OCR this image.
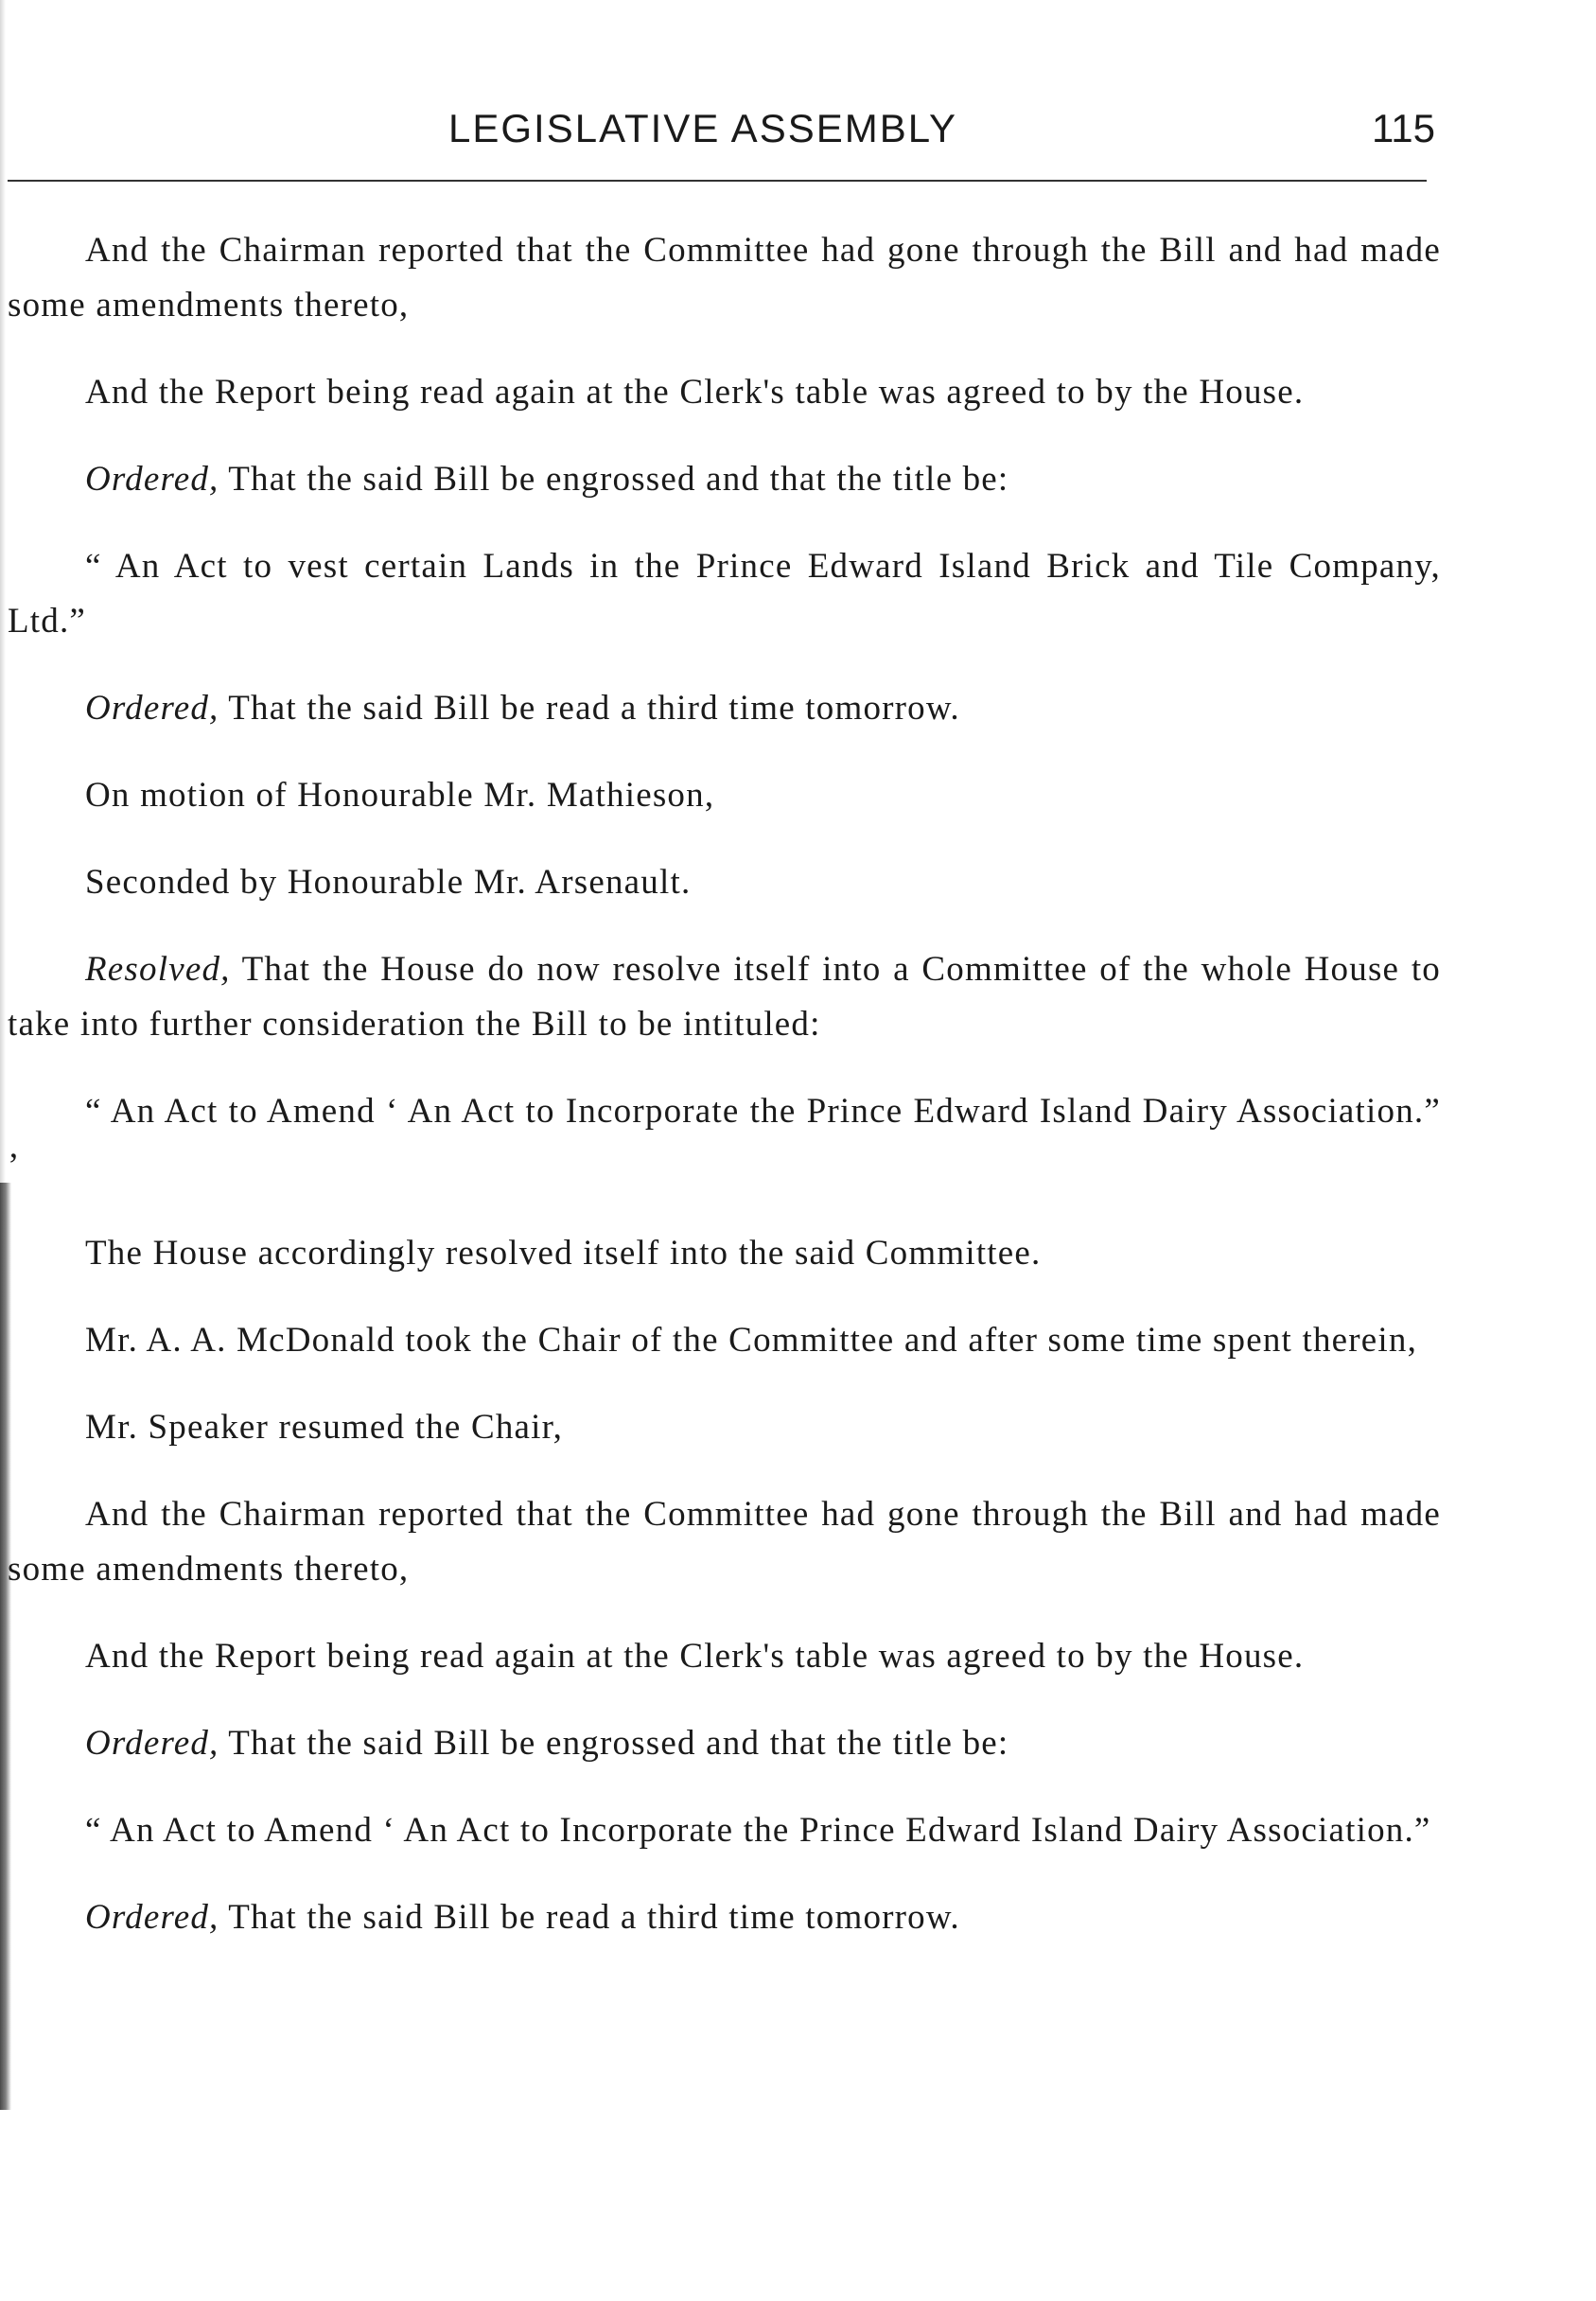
LEGISLATIVE ASSEMBLY	115

And the Chairman reported that the Committee had gone through the Bill and had made some amendments thereto,

And the Report being read again at the Clerk's table was agreed to by the House.

Ordered, That the said Bill be engrossed and that the title be:

“ An Act to vest certain Lands in the Prince Edward Island Brick and Tile Company, Ltd.”

Ordered, That the said Bill be read a third time tomorrow.

On motion of Honourable Mr. Mathieson,

Seconded by Honourable Mr. Arsenault.

Resolved, That the House do now resolve itself into a Committee of the whole House to take into further consideration the Bill to be intituled:

“ An Act to Amend ‘ An Act to Incorporate the Prince Edward Island Dairy Association.” ’

The House accordingly resolved itself into the said Committee.

Mr. A. A. McDonald took the Chair of the Committee and after some time spent therein,

Mr. Speaker resumed the Chair,

And the Chairman reported that the Committee had gone through the Bill and had made some amendments thereto,

And the Report being read again at the Clerk's table was agreed to by the House.

Ordered, That the said Bill be engrossed and that the title be:

“ An Act to Amend ‘ An Act to Incorporate the Prince Edward Island Dairy Association.”

Ordered, That the said Bill be read a third time tomorrow.
